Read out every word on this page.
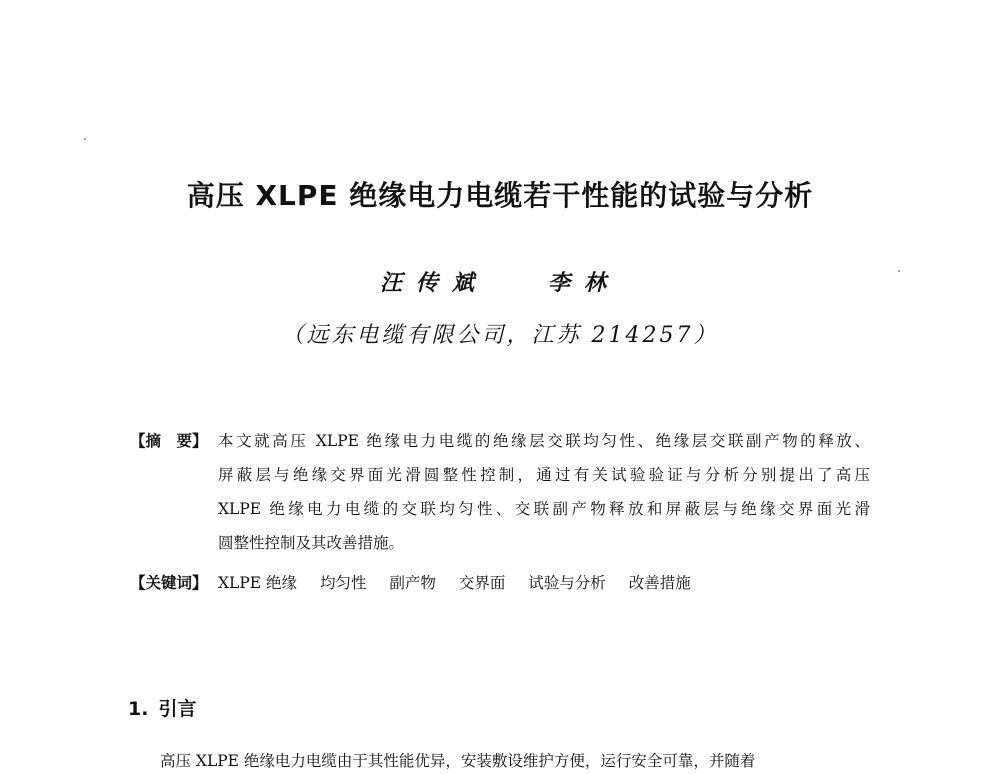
高压 XLPE 绝缘电力电缆若干性能的试验与分析
汪传斌	李林
（远东电缆有限公司，江苏 214257）
【摘　要】 本文就高压 XLPE 绝缘电力电缆的绝缘层交联均匀性、绝缘层交联副产物的释放、
屏蔽层与绝缘交界面光滑圆整性控制，通过有关试验验证与分析分别提出了高压
XLPE 绝缘电力电缆的交联均匀性、交联副产物释放和屏蔽层与绝缘交界面光滑
圆整性控制及其改善措施。
【关键词】 XLPE 绝缘 均匀性 副产物 交界面 试验与分析 改善措施
1. 引言
高压 XLPE 绝缘电力电缆由于其性能优异，安装敷设维护方便，运行安全可靠，并随着
